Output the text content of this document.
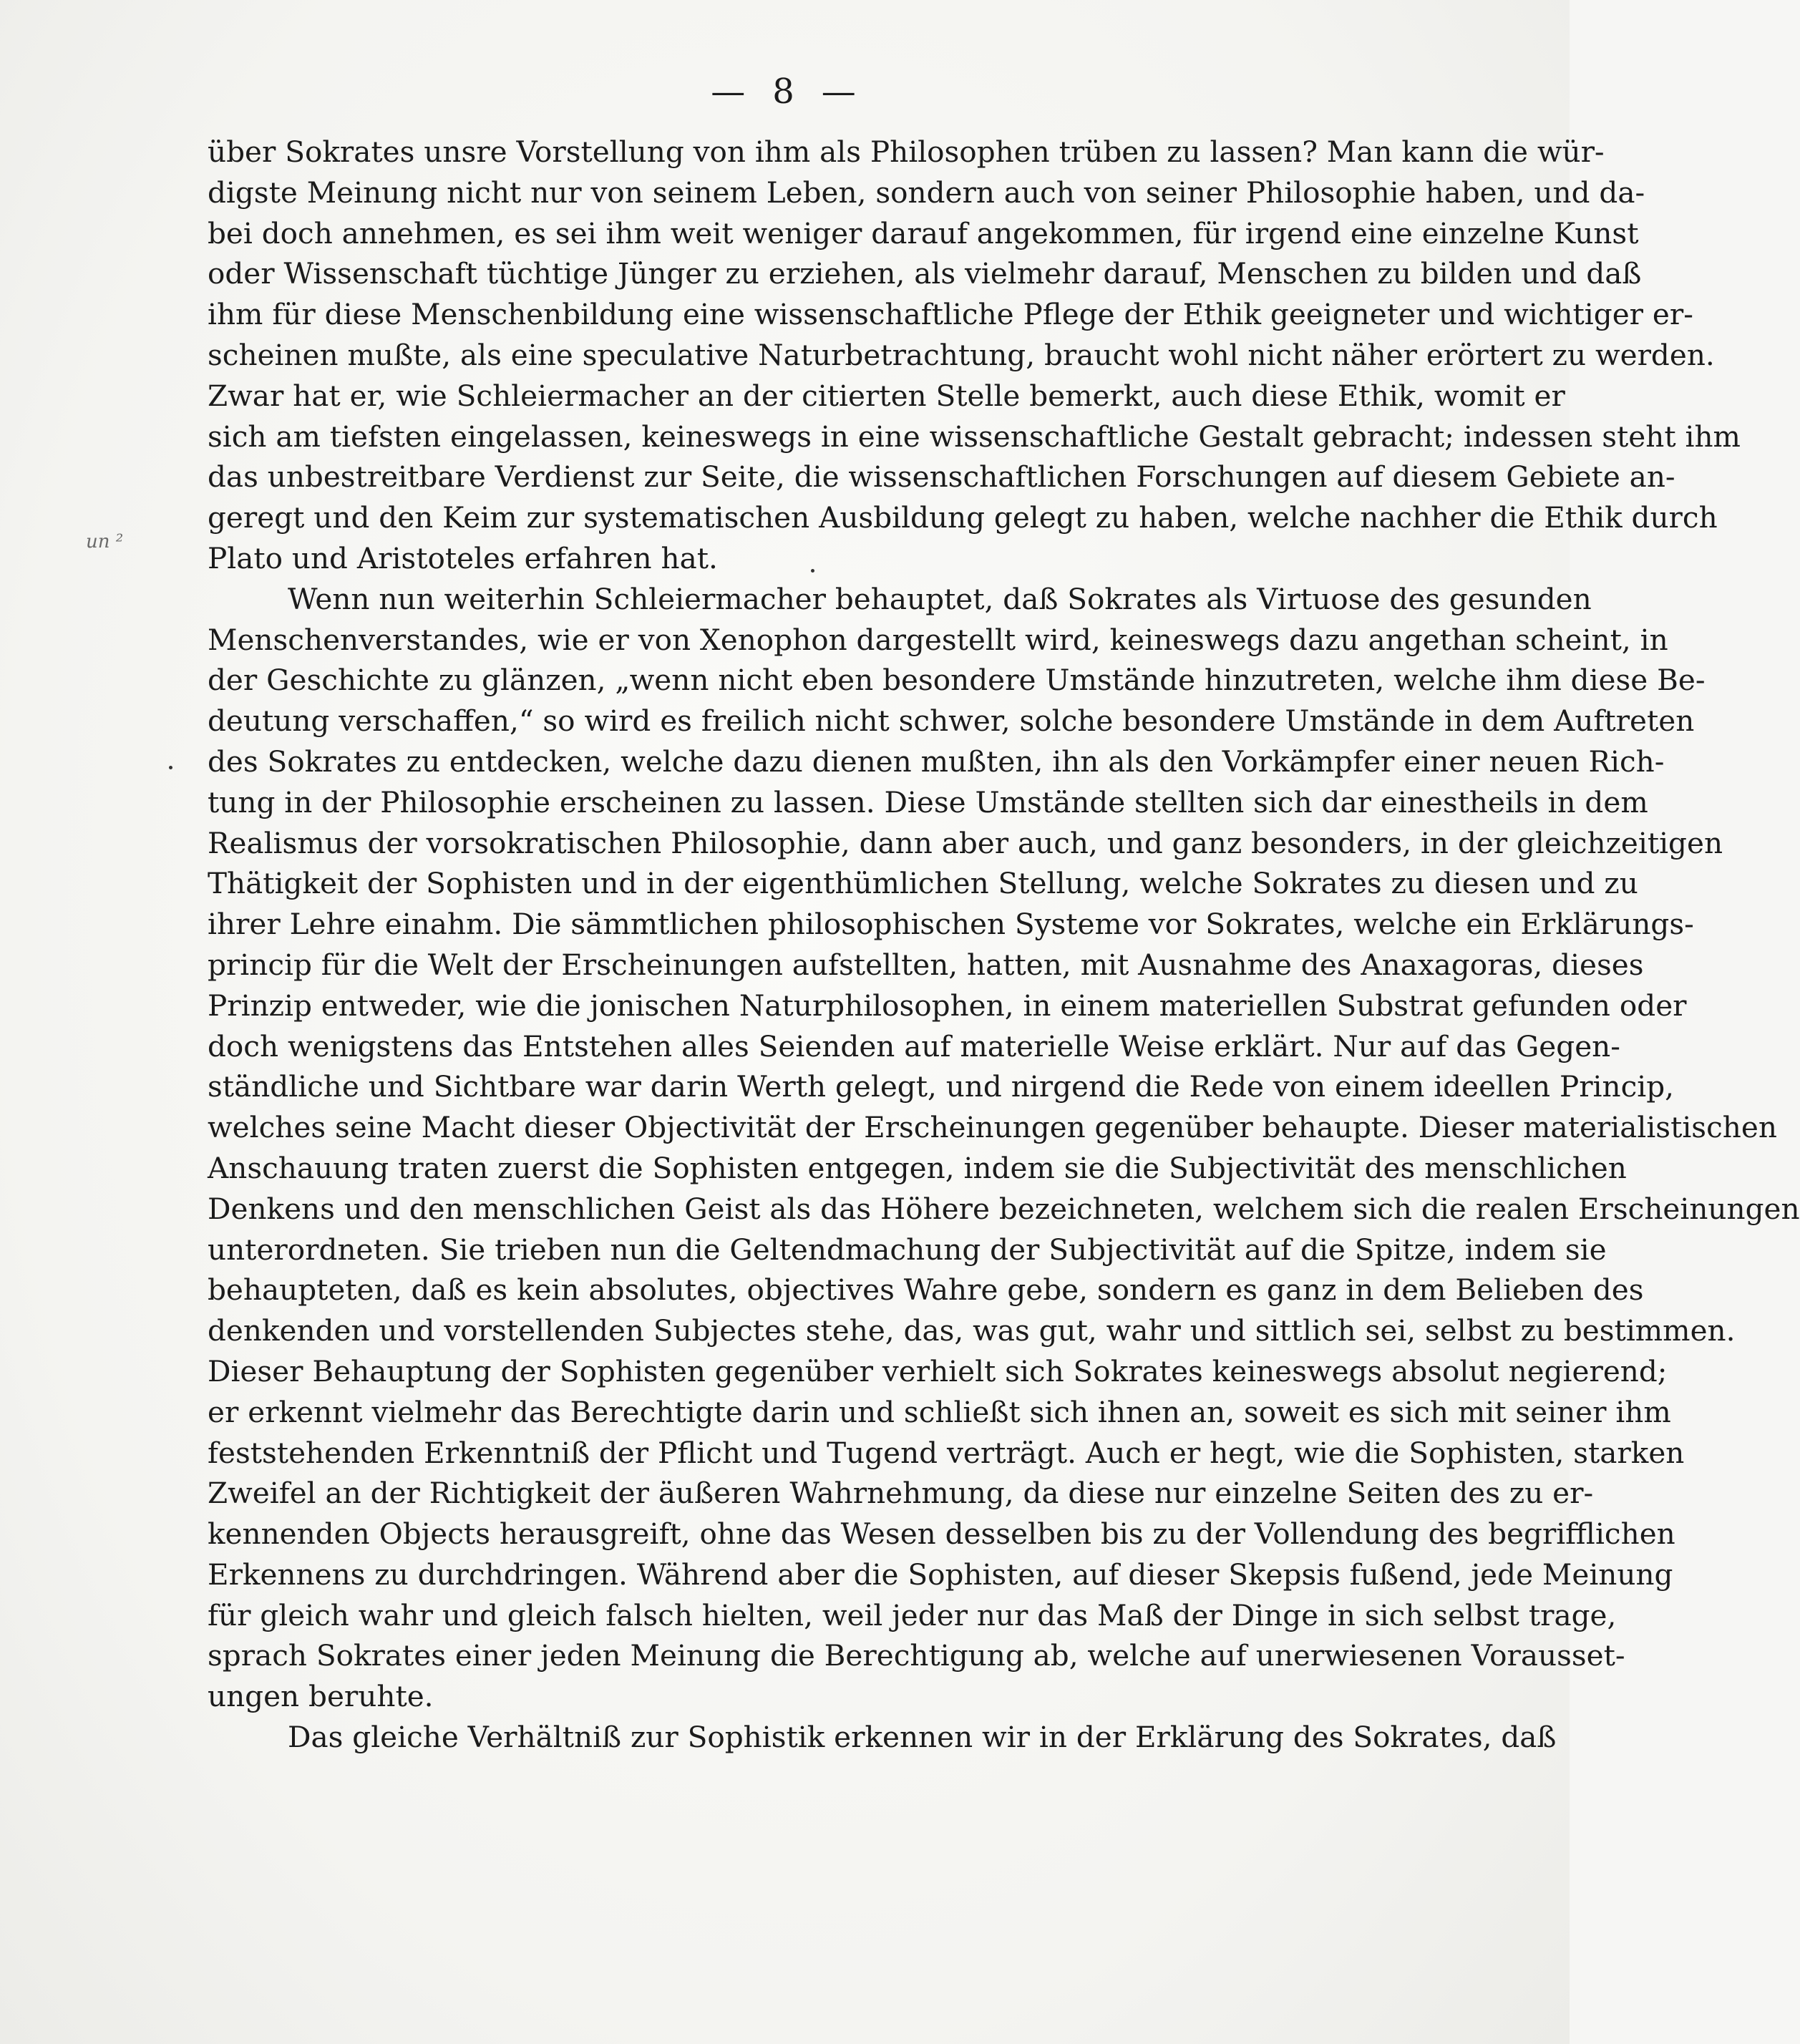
— 8 —
un ²
über Sokrates unsre Vorstellung von ihm als Philosophen trüben zu lassen? Man kann die wür-
digste Meinung nicht nur von seinem Leben, sondern auch von seiner Philosophie haben, und da-
bei doch annehmen, es sei ihm weit weniger darauf angekommen, für irgend eine einzelne Kunst
oder Wissenschaft tüchtige Jünger zu erziehen, als vielmehr darauf, Menschen zu bilden und daß
ihm für diese Menschenbildung eine wissenschaftliche Pflege der Ethik geeigneter und wichtiger er-
scheinen mußte, als eine speculative Naturbetrachtung, braucht wohl nicht näher erörtert zu werden.
Zwar hat er, wie Schleiermacher an der citierten Stelle bemerkt, auch diese Ethik, womit er
sich am tiefsten eingelassen, keineswegs in eine wissenschaftliche Gestalt gebracht; indessen steht ihm
das unbestreitbare Verdienst zur Seite, die wissenschaftlichen Forschungen auf diesem Gebiete an-
geregt und den Keim zur systematischen Ausbildung gelegt zu haben, welche nachher die Ethik durch
Plato und Aristoteles erfahren hat.
Wenn nun weiterhin Schleiermacher behauptet, daß Sokrates als Virtuose des gesunden
Menschenverstandes, wie er von Xenophon dargestellt wird, keineswegs dazu angethan scheint, in
der Geschichte zu glänzen, „wenn nicht eben besondere Umstände hinzutreten, welche ihm diese Be-
deutung verschaffen,“ so wird es freilich nicht schwer, solche besondere Umstände in dem Auftreten
des Sokrates zu entdecken, welche dazu dienen mußten, ihn als den Vorkämpfer einer neuen Rich-
tung in der Philosophie erscheinen zu lassen. Diese Umstände stellten sich dar einestheils in dem
Realismus der vorsokratischen Philosophie, dann aber auch, und ganz besonders, in der gleichzeitigen
Thätigkeit der Sophisten und in der eigenthümlichen Stellung, welche Sokrates zu diesen und zu
ihrer Lehre einahm. Die sämmtlichen philosophischen Systeme vor Sokrates, welche ein Erklärungs-
princip für die Welt der Erscheinungen aufstellten, hatten, mit Ausnahme des Anaxagoras, dieses
Prinzip entweder, wie die jonischen Naturphilosophen, in einem materiellen Substrat gefunden oder
doch wenigstens das Entstehen alles Seienden auf materielle Weise erklärt. Nur auf das Gegen-
ständliche und Sichtbare war darin Werth gelegt, und nirgend die Rede von einem ideellen Princip,
welches seine Macht dieser Objectivität der Erscheinungen gegenüber behaupte. Dieser materialistischen
Anschauung traten zuerst die Sophisten entgegen, indem sie die Subjectivität des menschlichen
Denkens und den menschlichen Geist als das Höhere bezeichneten, welchem sich die realen Erscheinungen
unterordneten. Sie trieben nun die Geltendmachung der Subjectivität auf die Spitze, indem sie
behaupteten, daß es kein absolutes, objectives Wahre gebe, sondern es ganz in dem Belieben des
denkenden und vorstellenden Subjectes stehe, das, was gut, wahr und sittlich sei, selbst zu bestimmen.
Dieser Behauptung der Sophisten gegenüber verhielt sich Sokrates keineswegs absolut negierend;
er erkennt vielmehr das Berechtigte darin und schließt sich ihnen an, soweit es sich mit seiner ihm
feststehenden Erkenntniß der Pflicht und Tugend verträgt. Auch er hegt, wie die Sophisten, starken
Zweifel an der Richtigkeit der äußeren Wahrnehmung, da diese nur einzelne Seiten des zu er-
kennenden Objects herausgreift, ohne das Wesen desselben bis zu der Vollendung des begrifflichen
Erkennens zu durchdringen. Während aber die Sophisten, auf dieser Skepsis fußend, jede Meinung
für gleich wahr und gleich falsch hielten, weil jeder nur das Maß der Dinge in sich selbst trage,
sprach Sokrates einer jeden Meinung die Berechtigung ab, welche auf unerwiesenen Vorausset-
ungen beruhte.
Das gleiche Verhältniß zur Sophistik erkennen wir in der Erklärung des Sokrates, daß
